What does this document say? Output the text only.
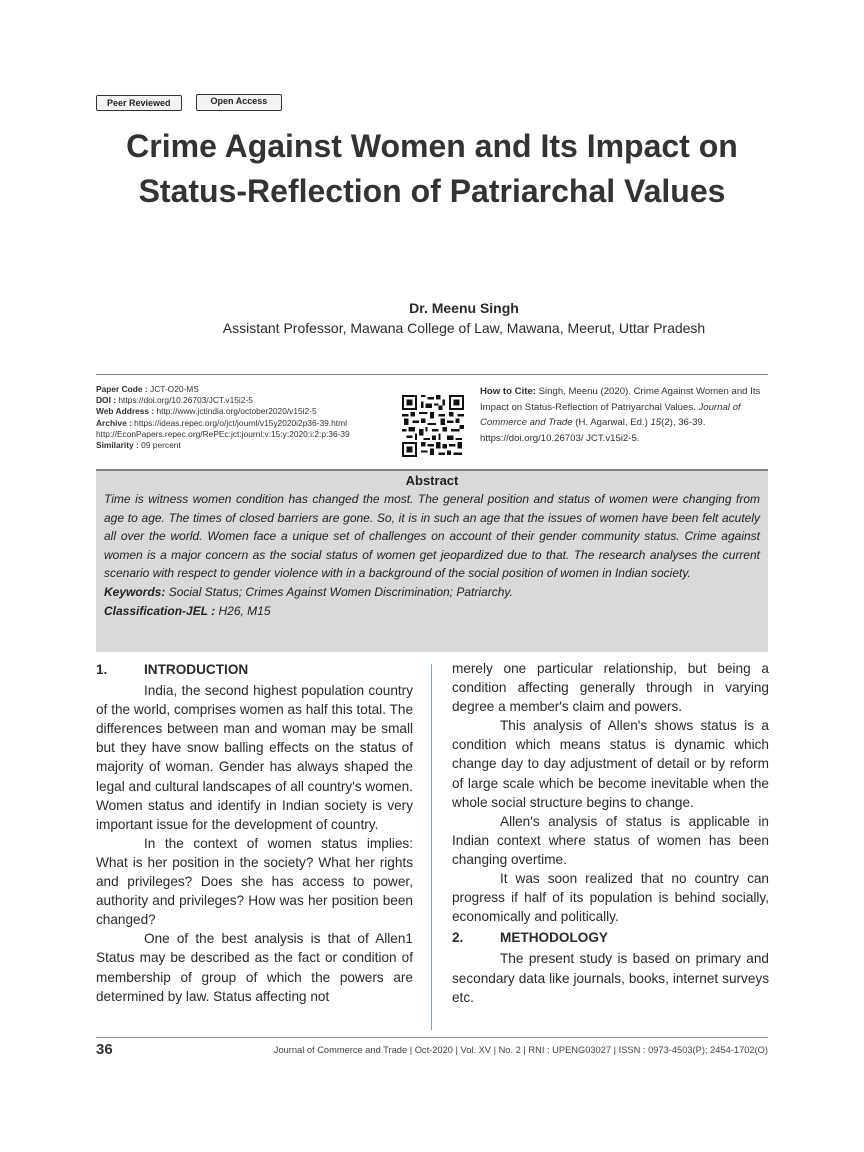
Peer Reviewed	Open Access
Crime Against Women and Its Impact on
Status-Reflection of Patriarchal Values
Dr. Meenu Singh
Assistant Professor, Mawana College of Law, Mawana, Meerut, Uttar Pradesh
Paper Code : JCT-O20-MS
DOI : https://doi.org/10.26703/JCT.v15i2-5
Web Address : http://www.jctindia.org/october2020/v15i2-5
Archive : https://ideas.repec.org/o/jct/journl/v15y2020i2p36-39.html
http://EconPapers.repec.org/RePEc:jct:journl:v:15:y:2020:i:2:p:36-39
Similarity : 09 percent
How to Cite: Singh, Meenu (2020). Crime Against Women and Its Impact on Status-Reflection of Patriyarchal Values. Journal of Commerce and Trade (H. Agarwal, Ed.) 15(2), 36-39.
https://doi.org/10.26703/ JCT.v15i2-5.
Abstract

Time is witness women condition has changed the most. The general position and status of women were changing from age to age. The times of closed barriers are gone. So, it is in such an age that the issues of women have been felt acutely all over the world. Women face a unique set of challenges on account of their gender community status. Crime against women is a major concern as the social status of women get jeopardized due to that. The research analyses the current scenario with respect to gender violence with in a background of the social position of women in Indian society.

Keywords: Social Status; Crimes Against Women Discrimination; Patriarchy.

Classification-JEL : H26, M15

1.	INTRODUCTION

India, the second highest population country of the world, comprises women as half this total. The differences between man and woman may be small but they have snow balling effects on the status of majority of woman. Gender has always shaped the legal and cultural landscapes of all country's women. Women status and identify in Indian society is very important issue for the development of country.

In the context of women status implies: What is her position in the society? What her rights and privileges? Does she has access to power, authority and privileges? How was her position been changed?

One of the best analysis is that of Allen1 Status may be described as the fact or condition of membership of group of which the powers are determined by law. Status affecting not

merely one particular relationship, but being a condition affecting generally through in varying degree a member's claim and powers.

This analysis of Allen's shows status is a condition which means status is dynamic which change day to day adjustment of detail or by reform of large scale which be become inevitable when the whole social structure begins to change.

Allen's analysis of status is applicable in Indian context where status of women has been changing overtime.

It was soon realized that no country can progress if half of its population is behind socially, economically and politically.

2.	METHODOLOGY

The present study is based on primary and secondary data like journals, books, internet surveys etc.

36	Journal of Commerce and Trade | Oct-2020 | Vol. XV | No. 2 | RNI : UPENG03027 | ISSN : 0973-4503(P); 2454-1702(O)
